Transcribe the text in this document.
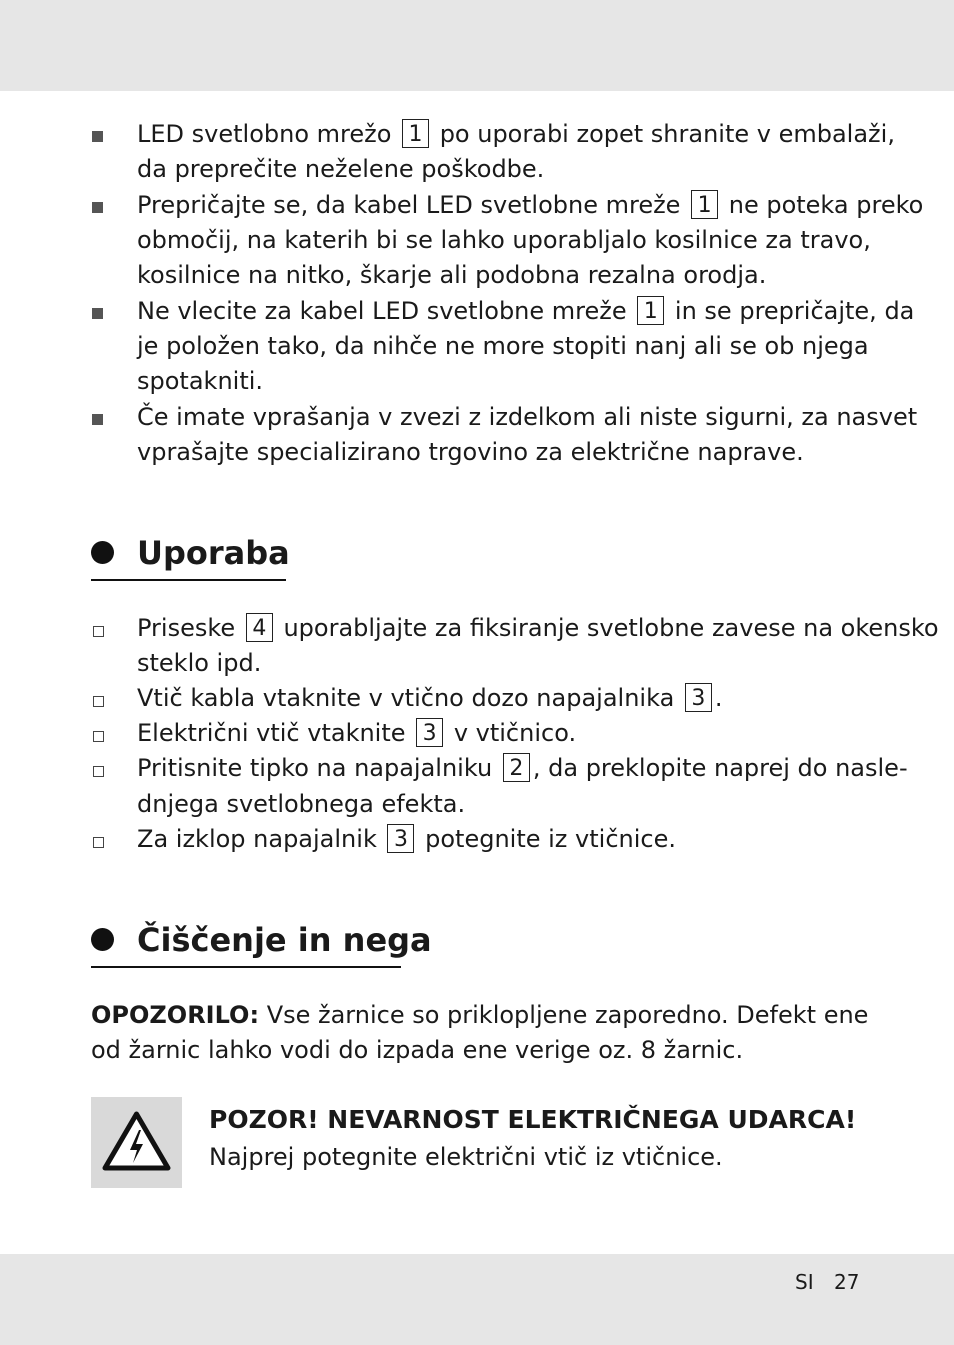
LED svetlobno mrežo 1 po uporabi zopet shranite v embalaži,
da preprečite neželene poškodbe.
Prepričajte se, da kabel LED svetlobne mreže 1 ne poteka preko
območij, na katerih bi se lahko uporabljalo kosilnice za travo,
kosilnice na nitko, škarje ali podobna rezalna orodja.
Ne vlecite za kabel LED svetlobne mreže 1 in se prepričajte, da
je položen tako, da nihče ne more stopiti nanj ali se ob njega
spotakniti.
Če imate vprašanja v zvezi z izdelkom ali niste sigurni, za nasvet
vprašajte specializirano trgovino za električne naprave.
Uporaba
Priseske 4 uporabljajte za fiksiranje svetlobne zavese na okensko
steklo ipd.
Vtič kabla vtaknite v vtično dozo napajalnika 3 .
Električni vtič vtaknite 3 v vtičnico.
Pritisnite tipko na napajalniku 2 , da preklopite naprej do nasle-
dnjega svetlobnega efekta.
Za izklop napajalnik 3 potegnite iz vtičnice.
Čiščenje in nega
OPOZORILO: Vse žarnice so priklopljene zaporedno. Defekt ene
od žarnic lahko vodi do izpada ene verige oz. 8 žarnic.
POZOR! NEVARNOST ELEKTRIČNEGA UDARCA!
Najprej potegnite električni vtič iz vtičnice.
SI 27
